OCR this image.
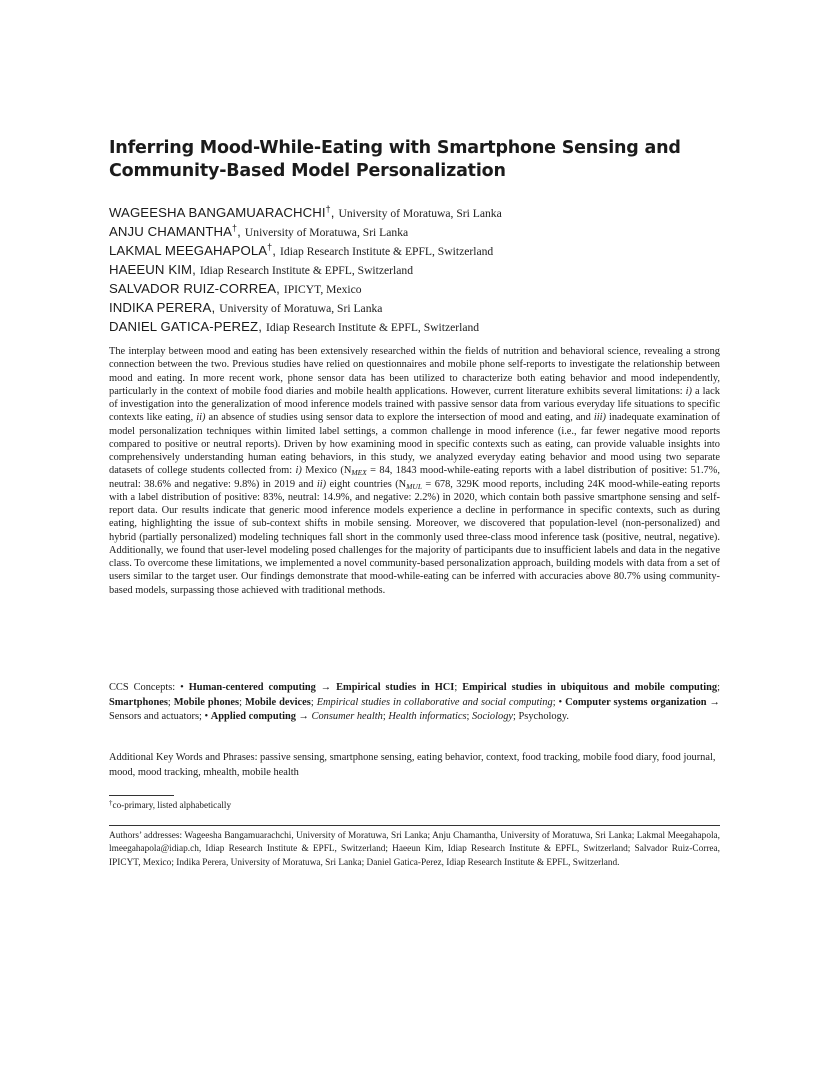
Inferring Mood-While-Eating with Smartphone Sensing and
Community-Based Model Personalization
WAGEESHA BANGAMUARACHCHI†, University of Moratuwa, Sri Lanka
ANJU CHAMANTHA†, University of Moratuwa, Sri Lanka
LAKMAL MEEGAHAPOLA†, Idiap Research Institute & EPFL, Switzerland
HAEEUN KIM, Idiap Research Institute & EPFL, Switzerland
SALVADOR RUIZ-CORREA, IPICYT, Mexico
INDIKA PERERA, University of Moratuwa, Sri Lanka
DANIEL GATICA-PEREZ, Idiap Research Institute & EPFL, Switzerland

The interplay between mood and eating has been extensively researched within the fields of nutrition and behavioral science, revealing a strong connection between the two. Previous studies have relied on questionnaires and mobile phone self-reports to investigate the relationship between mood and eating. In more recent work, phone sensor data has been utilized to characterize both eating behavior and mood independently, particularly in the context of mobile food diaries and mobile health applications. However, current literature exhibits several limitations: i) a lack of investigation into the generalization of mood inference models trained with passive sensor data from various everyday life situations to specific contexts like eating, ii) an absence of studies using sensor data to explore the intersection of mood and eating, and iii) inadequate examination of model personalization techniques within limited label settings, a common challenge in mood inference (i.e., far fewer negative mood reports compared to positive or neutral reports). Driven by how examining mood in specific contexts such as eating, can provide valuable insights into comprehensively understanding human eating behaviors, in this study, we analyzed everyday eating behavior and mood using two separate datasets of college students collected from: i) Mexico ($N_{MEX} = 84$, 1843 mood-while-eating reports with a label distribution of positive: 51.7%, neutral: 38.6% and negative: 9.8%) in 2019 and ii) eight countries ($N_{MUL} = 678$, 329K mood reports, including 24K mood-while-eating reports with a label distribution of positive: 83%, neutral: 14.9%, and negative: 2.2%) in 2020, which contain both passive smartphone sensing and self-report data. Our results indicate that generic mood inference models experience a decline in performance in specific contexts, such as during eating, highlighting the issue of sub-context shifts in mobile sensing. Moreover, we discovered that population-level (non-personalized) and hybrid (partially personalized) modeling techniques fall short in the commonly used three-class mood inference task (positive, neutral, negative). Additionally, we found that user-level modeling posed challenges for the majority of participants due to insufficient labels and data in the negative class. To overcome these limitations, we implemented a novel community-based personalization approach, building models with data from a set of users similar to the target user. Our findings demonstrate that mood-while-eating can be inferred with accuracies above 80.7% using community-based models, surpassing those achieved with traditional methods.

CCS Concepts: • Human-centered computing → Empirical studies in HCI; Empirical studies in ubiquitous and mobile computing; Smartphones; Mobile phones; Mobile devices; Empirical studies in collaborative and social computing; • Computer systems organization → Sensors and actuators; • Applied computing → Consumer health; Health informatics; Sociology; Psychology.

Additional Key Words and Phrases: passive sensing, smartphone sensing, eating behavior, context, food tracking, mobile food diary, food journal, mood, mood tracking, mhealth, mobile health

†co-primary, listed alphabetically

Authors’ addresses: Wageesha Bangamuarachchi, University of Moratuwa, Sri Lanka; Anju Chamantha, University of Moratuwa, Sri Lanka; Lakmal Meegahapola, lmeegahapola@idiap.ch, Idiap Research Institute & EPFL, Switzerland; Haeeun Kim, Idiap Research Institute & EPFL, Switzerland; Salvador Ruiz-Correa, IPICYT, Mexico; Indika Perera, University of Moratuwa, Sri Lanka; Daniel Gatica-Perez, Idiap Research Institute & EPFL, Switzerland.
